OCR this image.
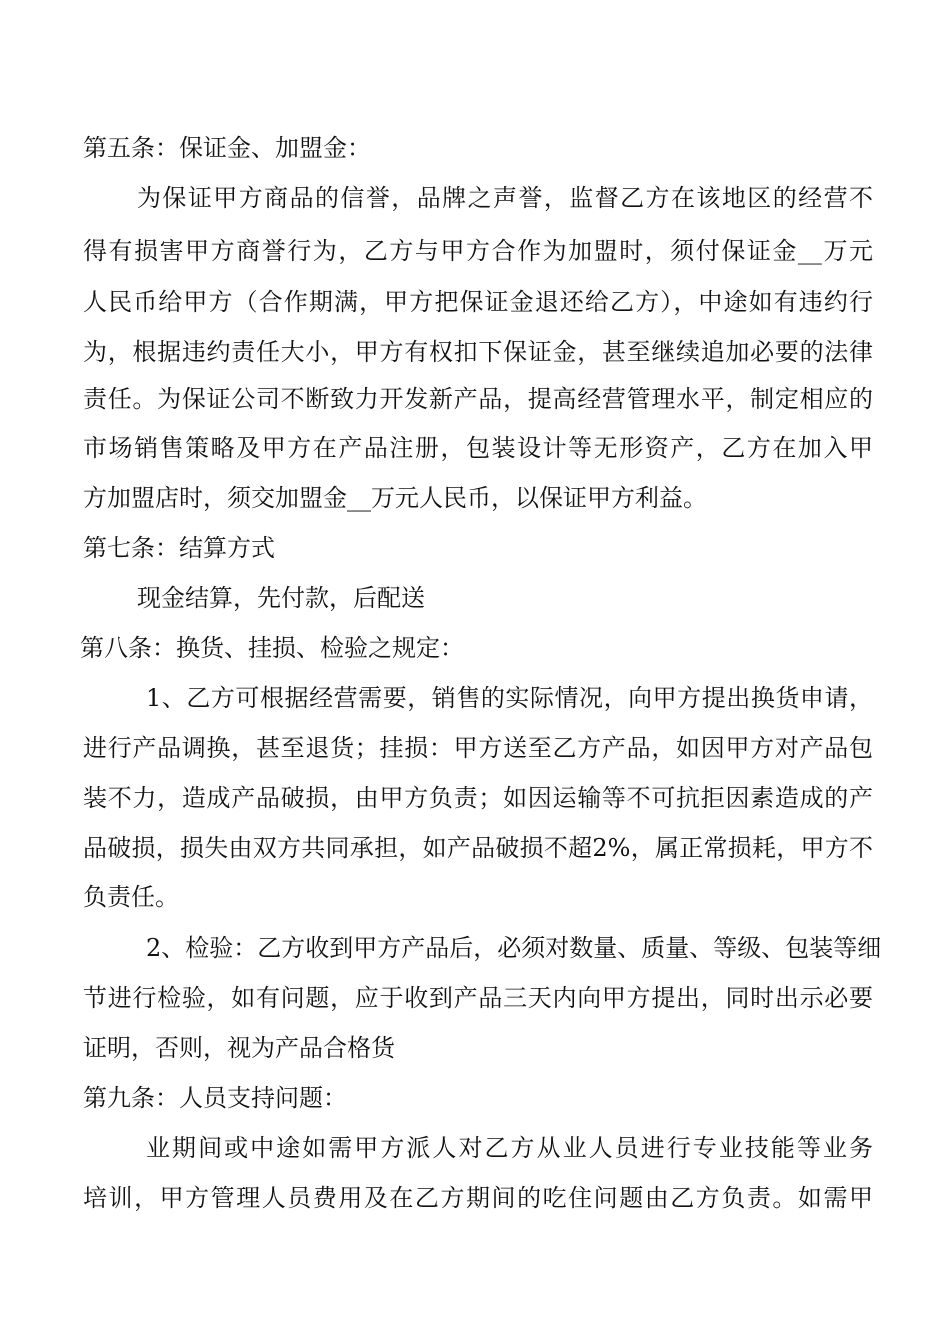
第五条：保证金、加盟金：
为保证甲方商品的信誉，品牌之声誉，监督乙方在该地区的经营不
得有损害甲方商誉行为，乙方与甲方合作为加盟时，须付保证金__万元
人民币给甲方（合作期满，甲方把保证金退还给乙方），中途如有违约行
为，根据违约责任大小，甲方有权扣下保证金，甚至继续追加必要的法律
责任。为保证公司不断致力开发新产品，提高经营管理水平，制定相应的
市场销售策略及甲方在产品注册，包装设计等无形资产，乙方在加入甲
方加盟店时，须交加盟金__万元人民币，以保证甲方利益。
第七条：结算方式
现金结算，先付款，后配送
第八条：换货、挂损、检验之规定：
1、乙方可根据经营需要，销售的实际情况，向甲方提出换货申请，
进行产品调换，甚至退货；挂损：甲方送至乙方产品，如因甲方对产品包
装不力，造成产品破损，由甲方负责；如因运输等不可抗拒因素造成的产
品破损，损失由双方共同承担，如产品破损不超2%，属正常损耗，甲方不
负责任。
2、检验：乙方收到甲方产品后，必须对数量、质量、等级、包装等细
节进行检验，如有问题，应于收到产品三天内向甲方提出，同时出示必要
证明，否则，视为产品合格货
第九条：人员支持问题：
业期间或中途如需甲方派人对乙方从业人员进行专业技能等业务
培训，甲方管理人员费用及在乙方期间的吃住问题由乙方负责。如需甲
